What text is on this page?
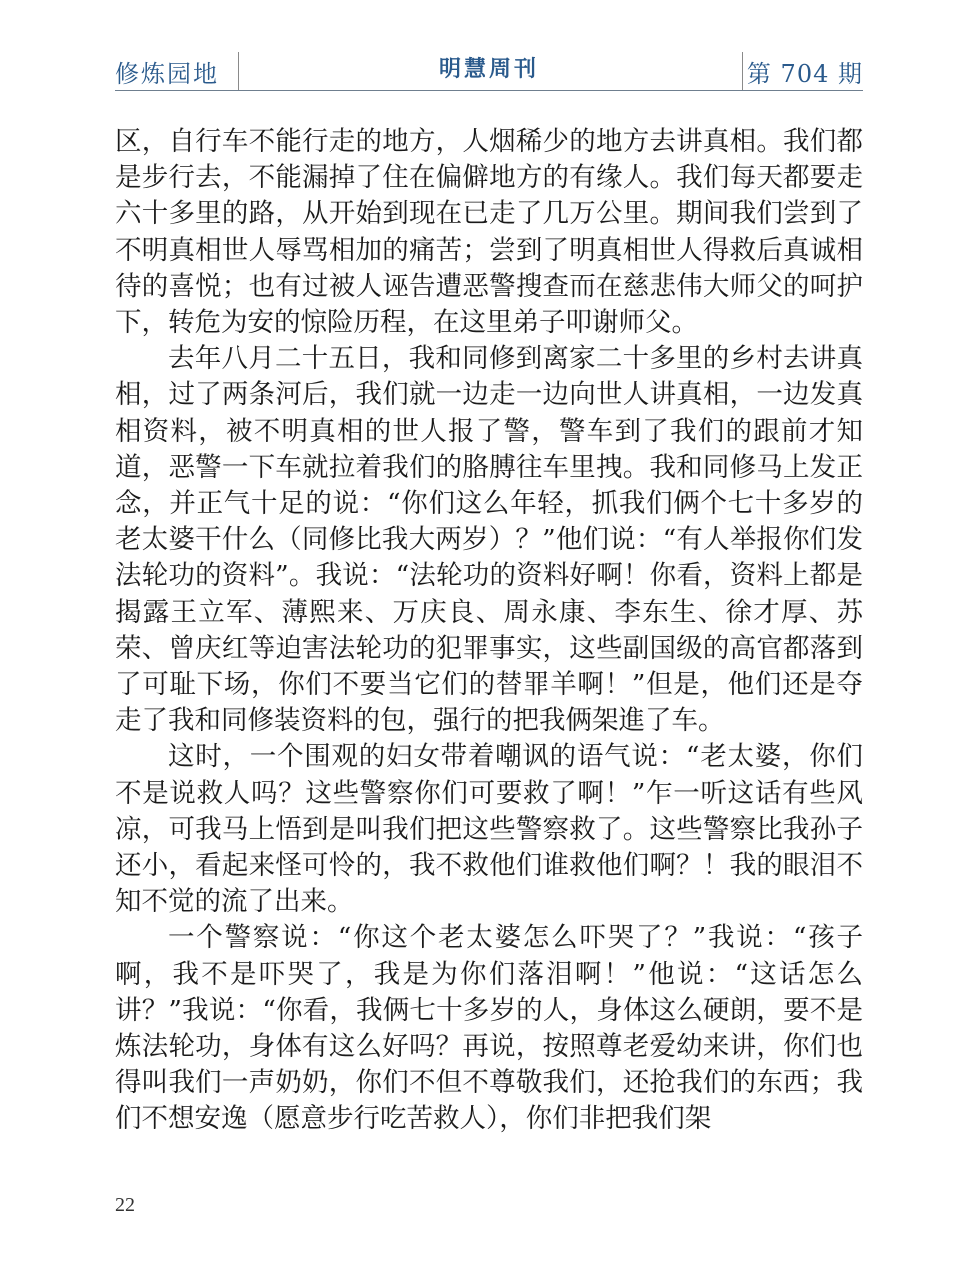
修炼园地	明慧周刊	第 704 期

区，自行车不能行走的地方，人烟稀少的地方去讲真相。我们都是步行去，不能漏掉了住在偏僻地方的有缘人。我们每天都要走六十多里的路，从开始到现在已走了几万公里。期间我们尝到了不明真相世人辱骂相加的痛苦；尝到了明真相世人得救后真诚相待的喜悦；也有过被人诬告遭恶警搜查而在慈悲伟大师父的呵护下，转危为安的惊险历程，在这里弟子叩谢师父。

去年八月二十五日，我和同修到离家二十多里的乡村去讲真相，过了两条河后，我们就一边走一边向世人讲真相，一边发真相资料，被不明真相的世人报了警，警车到了我们的跟前才知道，恶警一下车就拉着我们的胳膊往车里拽。我和同修马上发正念，并正气十足的说：“你们这么年轻，抓我们俩个七十多岁的老太婆干什么（同修比我大两岁）？”他们说：“有人举报你们发法轮功的资料”。我说：“法轮功的资料好啊！你看，资料上都是揭露王立军、薄熙来、万庆良、周永康、李东生、徐才厚、苏荣、曾庆红等迫害法轮功的犯罪事实，这些副国级的高官都落到了可耻下场，你们不要当它们的替罪羊啊！”但是，他们还是夺走了我和同修装资料的包，强行的把我俩架進了车。

这时，一个围观的妇女带着嘲讽的语气说：“老太婆，你们不是说救人吗？这些警察你们可要救了啊！”乍一听这话有些风凉，可我马上悟到是叫我们把这些警察救了。这些警察比我孙子还小，看起来怪可怜的，我不救他们谁救他们啊？！我的眼泪不知不觉的流了出来。

一个警察说：“你这个老太婆怎么吓哭了？”我说：“孩子啊，我不是吓哭了，我是为你们落泪啊！”他说：“这话怎么讲？”我说：“你看，我俩七十多岁的人，身体这么硬朗，要不是炼法轮功，身体有这么好吗？再说，按照尊老爱幼来讲，你们也得叫我们一声奶奶，你们不但不尊敬我们，还抢我们的东西；我们不想安逸（愿意步行吃苦救人），你们非把我们架

22
